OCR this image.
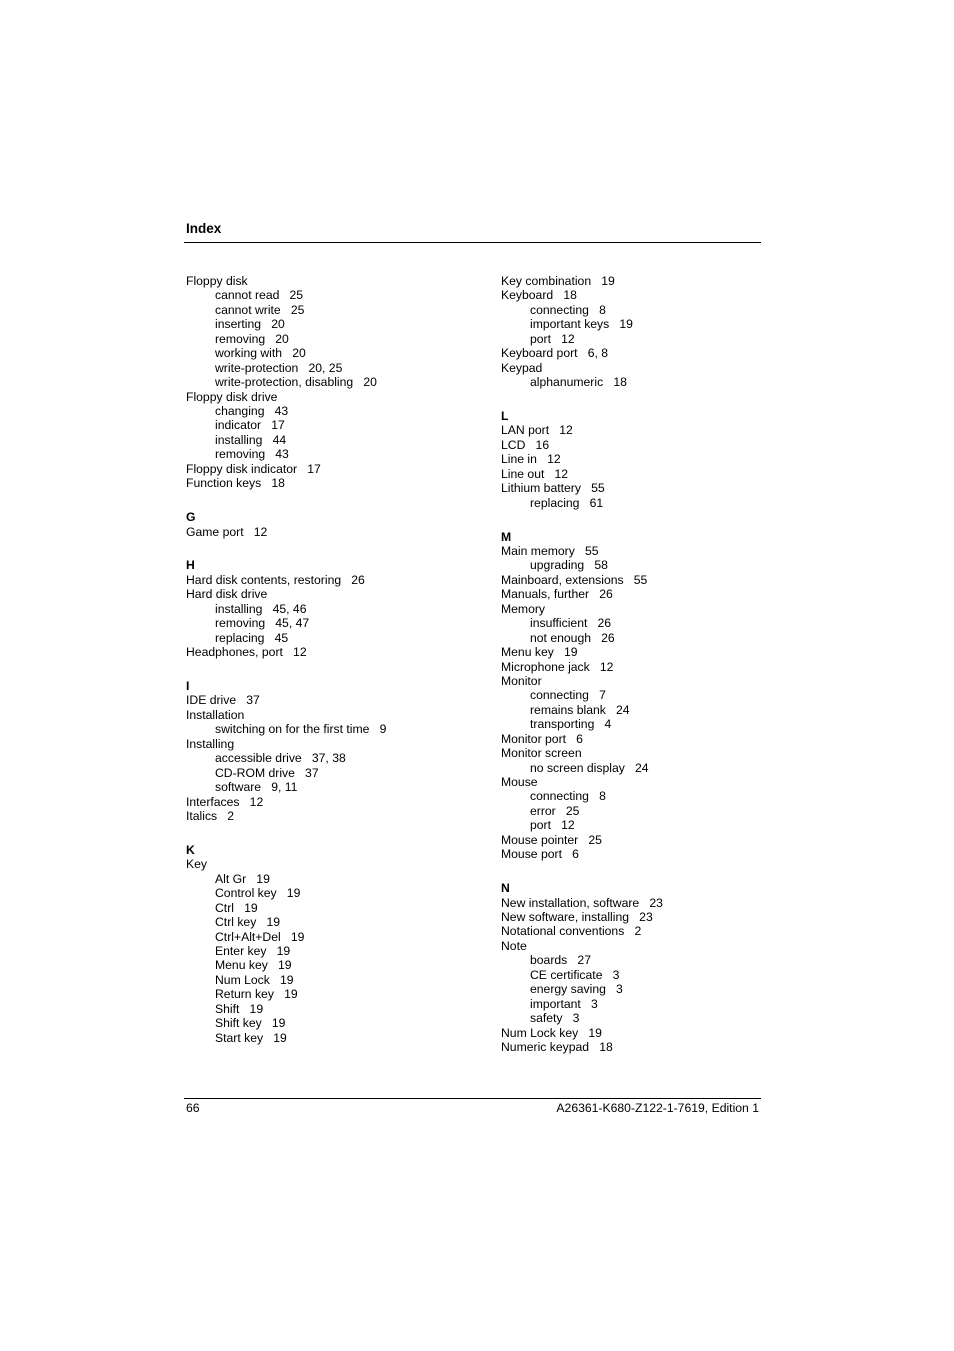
Index
Floppy disk
cannot read   25
cannot write   25
inserting   20
removing   20
working with   20
write-protection   20, 25
write-protection, disabling   20
Floppy disk drive
changing   43
indicator   17
installing   44
removing   43
Floppy disk indicator   17
Function keys   18
G
Game port   12
H
Hard disk contents, restoring   26
Hard disk drive
installing   45, 46
removing   45, 47
replacing   45
Headphones, port   12
I
IDE drive   37
Installation
switching on for the first time   9
Installing
accessible drive   37, 38
CD-ROM drive   37
software   9, 11
Interfaces   12
Italics   2
K
Key
Alt Gr   19
Control key   19
Ctrl   19
Ctrl key   19
Ctrl+Alt+Del   19
Enter key   19
Menu key   19
Num Lock   19
Return key   19
Shift   19
Shift key   19
Start key   19
Key combination   19
Keyboard   18
connecting   8
important keys   19
port   12
Keyboard port   6, 8
Keypad
alphanumeric   18
L
LAN port   12
LCD   16
Line in   12
Line out   12
Lithium battery   55
replacing   61
M
Main memory   55
upgrading   58
Mainboard, extensions   55
Manuals, further   26
Memory
insufficient   26
not enough   26
Menu key   19
Microphone jack   12
Monitor
connecting   7
remains blank   24
transporting   4
Monitor port   6
Monitor screen
no screen display   24
Mouse
connecting   8
error   25
port   12
Mouse pointer   25
Mouse port   6
N
New installation, software   23
New software, installing   23
Notational conventions   2
Note
boards   27
CE certificate   3
energy saving   3
important   3
safety   3
Num Lock key   19
Numeric keypad   18
66	A26361-K680-Z122-1-7619, Edition 1
